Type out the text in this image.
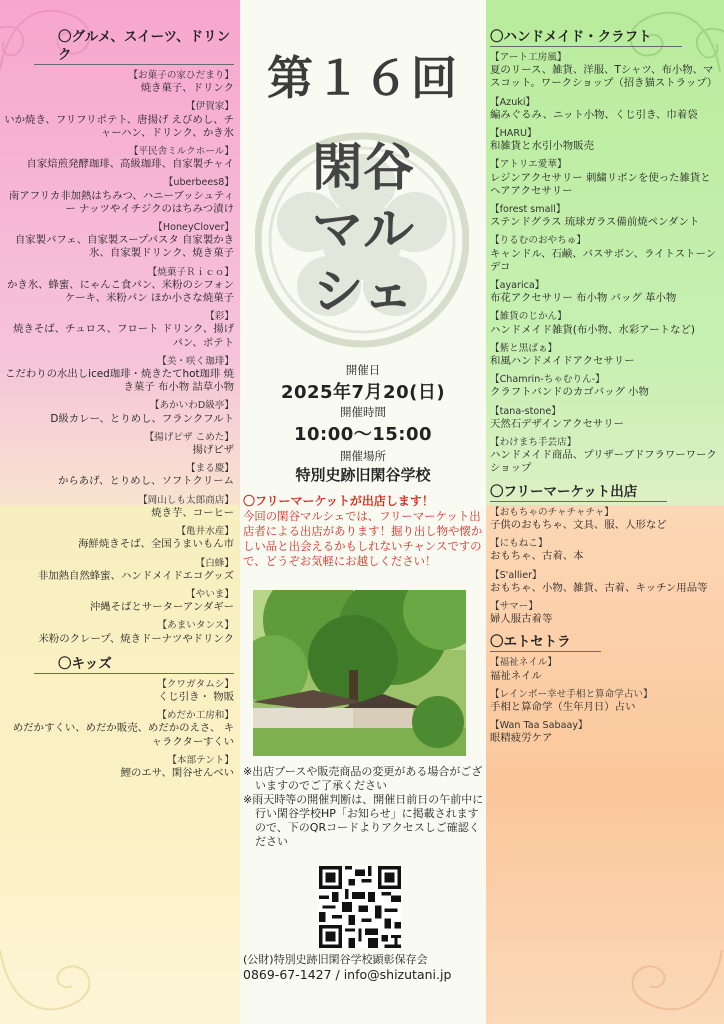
〇グルメ、スイーツ、ドリンク
【お菓子の家ひだまり】
焼き菓子、ドリンク
【伊賀家】
いか焼き、フリフリポテト、唐揚げ えびめし、チャーハン、ドリンク、かき氷
【平民舎ミルクホール】
自家焙煎発酵珈琲、高級珈琲、自家製チャイ
【uberbees8】
南アフリカ非加熱はちみつ、ハニーブッシュティー ナッツやイチジクのはちみつ漬け
【HoneyClover】
自家製パフェ、自家製スープパスタ 自家製かき氷、自家製ドリンク、焼き菓子
【焼菓子Ｒｉｃｏ】
かき氷、蜂蜜、にゃんこ食パン、米粉のシフォンケーキ、米粉パン ほか小さな焼菓子
【彩】
焼きそば、チュロス、フロート ドリンク、揚げパン、ポテト
【美・咲く珈琲】
こだわりの水出しiced珈琲・焼きたてhot珈琲 焼き菓子 布小物 詰草小物
【あかいわD級亭】
D級カレー、とりめし、フランクフルト
【揚げピザ こめた】
揚げピザ
【まる慶】
からあげ、とりめし、ソフトクリーム
【岡山しも太郎商店】
焼き芋、コーヒー
【亀井水産】
海鮮焼きそば、全国うまいもん市
【白蜂】
非加熱自然蜂蜜、ハンドメイドエコグッズ
【やいま】
沖縄そばとサーターアンダギー
【あまいタンス】
米粉のクレープ、焼きドーナツやドリンク
〇キッズ
【クワガタムシ】
くじ引き・ 物販
【めだか工房和】
めだかすくい、めだか販売、めだかのえさ、 キャラクターすくい
【本部テント】
鯉のエサ、閑谷せんべい
〇ハンドメイド・クラフト
【アート工房風】
夏のリース、雑貨、洋服、Tシャツ、布小物、マスコット。ワークショップ（招き猫ストラップ）
【Azuki】
編みぐるみ、ニット小物、くじ引き、巾着袋
【HARU】
和雑貨と水引小物販売
【アトリエ愛華】
レジンアクセサリー 刺繍リボンを使った雑貨とヘアアクセサリー
【forest small】
ステンドグラス 琉球ガラス備前焼ペンダント
【りるむのおやちゅ】
キャンドル、石鹸、バスサボン、ライトストーンデコ
【ayarica】
布花アクセサリー 布小物 バッグ 革小物
【雑貨のじかん】
ハンドメイド雑貨(布小物、水彩アートなど)
【紫と黒ばぁ】
和風ハンドメイドアクセサリー
【Chamrin-ちゃむりん-】
クラフトバンドのカゴバッグ 小物
【tana-stone】
天然石デザインアクセサリー
【わけまち手芸店】
ハンドメイド商品、プリザーブドフラワーワークショップ
〇フリーマーケット出店
【おもちゃのチャチャチャ】
子供のおもちゃ、文具、服、人形など
【にもねこ】
おもちゃ、古着、本
【S'allier】
おもちゃ、小物、雑貨、古着、キッチン用品等
【サマー】
婦人服古着等
〇エトセトラ
【福祉ネイル】
福祉ネイル
【レインボー幸せ手相と算命学占い】
手相と算命学（生年月日）占い
【Wan Taa Sabaay】
眼精疲労ケア
第１６回
閑谷
マル
シェ
開催日
2025年7月20(日)
開催時間
10:00〜15:00
開催場所
特別史跡旧閑谷学校
〇フリーマーケットが出店します！
今回の閑谷マルシェでは、フリーマーケット出店者による出店があります！掘り出し物や懐かしい品と出会えるかもしれないチャンスですので、どうぞお気軽にお越しください！

※出店ブースや販売商品の変更がある場合がございますのでご了承ください

※雨天時等の開催判断は、開催日前日の午前中に行い閑谷学校HP「お知らせ」に掲載されますので、下のQRコードよりアクセスしご確認ください

(公財)特別史跡旧閑谷学校顕彰保存会
0869-67-1427 / info@shizutani.jp
